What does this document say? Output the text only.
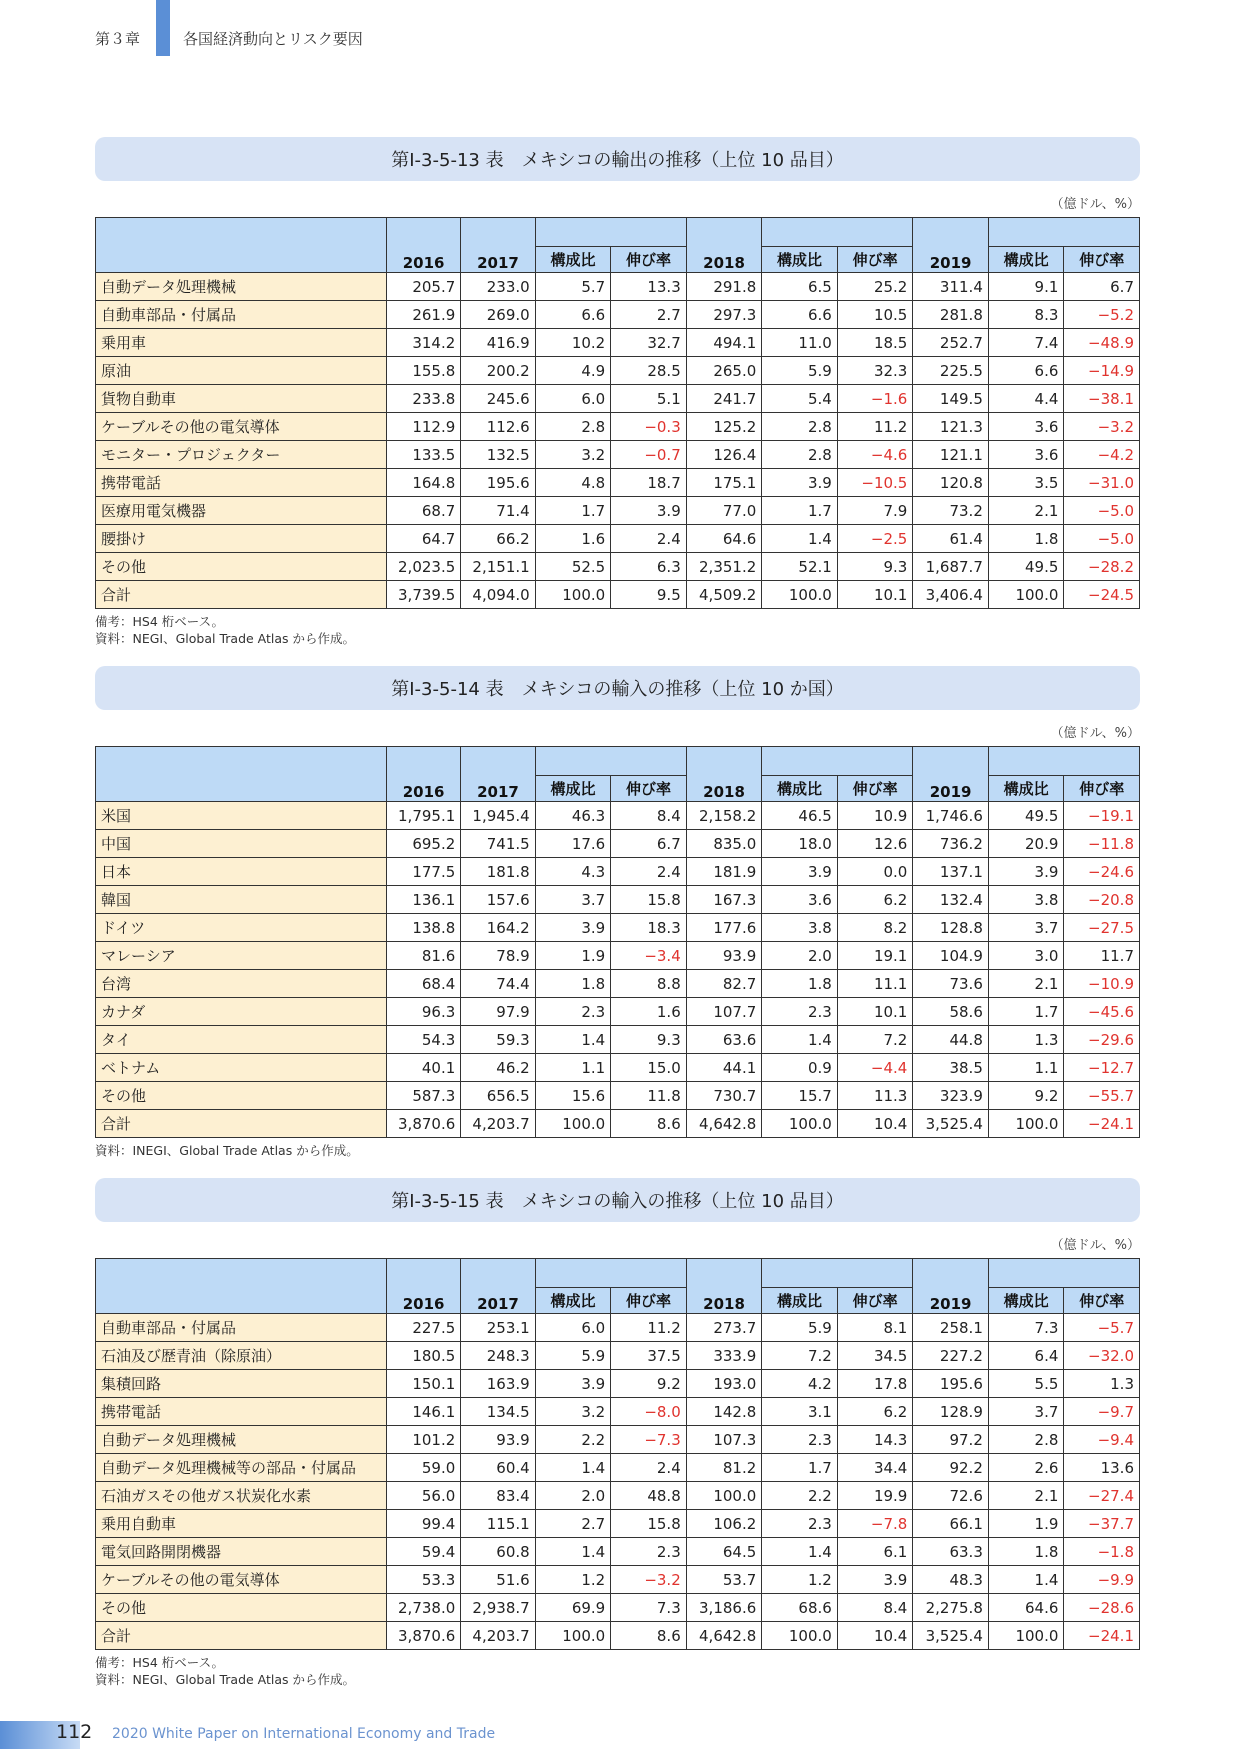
第３章	各国経済動向とリスク要因
第Ⅰ-3-5-13 表　メキシコの輸出の推移（上位 10 品目）
（億ドル、%）
	2016	2017			2018			2019		
			構成比	伸び率		構成比	伸び率		構成比	伸び率
自動データ処理機械	205.7	233.0	5.7	13.3	291.8	6.5	25.2	311.4	9.1	6.7
自動車部品・付属品	261.9	269.0	6.6	2.7	297.3	6.6	10.5	281.8	8.3	−5.2
乗用車	314.2	416.9	10.2	32.7	494.1	11.0	18.5	252.7	7.4	−48.9
原油	155.8	200.2	4.9	28.5	265.0	5.9	32.3	225.5	6.6	−14.9
貨物自動車	233.8	245.6	6.0	5.1	241.7	5.4	−1.6	149.5	4.4	−38.1
ケーブルその他の電気導体	112.9	112.6	2.8	−0.3	125.2	2.8	11.2	121.3	3.6	−3.2
モニター・プロジェクター	133.5	132.5	3.2	−0.7	126.4	2.8	−4.6	121.1	3.6	−4.2
携帯電話	164.8	195.6	4.8	18.7	175.1	3.9	−10.5	120.8	3.5	−31.0
医療用電気機器	68.7	71.4	1.7	3.9	77.0	1.7	7.9	73.2	2.1	−5.0
腰掛け	64.7	66.2	1.6	2.4	64.6	1.4	−2.5	61.4	1.8	−5.0
その他	2,023.5	2,151.1	52.5	6.3	2,351.2	52.1	9.3	1,687.7	49.5	−28.2
合計	3,739.5	4,094.0	100.0	9.5	4,509.2	100.0	10.1	3,406.4	100.0	−24.5
備考：HS4 桁ベース。
資料：NEGI、Global Trade Atlas から作成。
第Ⅰ-3-5-14 表　メキシコの輸入の推移（上位 10 か国）
（億ドル、%）
	2016	2017			2018			2019		
			構成比	伸び率		構成比	伸び率		構成比	伸び率
米国	1,795.1	1,945.4	46.3	8.4	2,158.2	46.5	10.9	1,746.6	49.5	−19.1
中国	695.2	741.5	17.6	6.7	835.0	18.0	12.6	736.2	20.9	−11.8
日本	177.5	181.8	4.3	2.4	181.9	3.9	0.0	137.1	3.9	−24.6
韓国	136.1	157.6	3.7	15.8	167.3	3.6	6.2	132.4	3.8	−20.8
ドイツ	138.8	164.2	3.9	18.3	177.6	3.8	8.2	128.8	3.7	−27.5
マレーシア	81.6	78.9	1.9	−3.4	93.9	2.0	19.1	104.9	3.0	11.7
台湾	68.4	74.4	1.8	8.8	82.7	1.8	11.1	73.6	2.1	−10.9
カナダ	96.3	97.9	2.3	1.6	107.7	2.3	10.1	58.6	1.7	−45.6
タイ	54.3	59.3	1.4	9.3	63.6	1.4	7.2	44.8	1.3	−29.6
ベトナム	40.1	46.2	1.1	15.0	44.1	0.9	−4.4	38.5	1.1	−12.7
その他	587.3	656.5	15.6	11.8	730.7	15.7	11.3	323.9	9.2	−55.7
合計	3,870.6	4,203.7	100.0	8.6	4,642.8	100.0	10.4	3,525.4	100.0	−24.1
資料：INEGI、Global Trade Atlas から作成。
第Ⅰ-3-5-15 表　メキシコの輸入の推移（上位 10 品目）
（億ドル、%）
	2016	2017			2018			2019		
			構成比	伸び率		構成比	伸び率		構成比	伸び率
自動車部品・付属品	227.5	253.1	6.0	11.2	273.7	5.9	8.1	258.1	7.3	−5.7
石油及び歴青油（除原油）	180.5	248.3	5.9	37.5	333.9	7.2	34.5	227.2	6.4	−32.0
集積回路	150.1	163.9	3.9	9.2	193.0	4.2	17.8	195.6	5.5	1.3
携帯電話	146.1	134.5	3.2	−8.0	142.8	3.1	6.2	128.9	3.7	−9.7
自動データ処理機械	101.2	93.9	2.2	−7.3	107.3	2.3	14.3	97.2	2.8	−9.4
自動データ処理機械等の部品・付属品	59.0	60.4	1.4	2.4	81.2	1.7	34.4	92.2	2.6	13.6
石油ガスその他ガス状炭化水素	56.0	83.4	2.0	48.8	100.0	2.2	19.9	72.6	2.1	−27.4
乗用自動車	99.4	115.1	2.7	15.8	106.2	2.3	−7.8	66.1	1.9	−37.7
電気回路開閉機器	59.4	60.8	1.4	2.3	64.5	1.4	6.1	63.3	1.8	−1.8
ケーブルその他の電気導体	53.3	51.6	1.2	−3.2	53.7	1.2	3.9	48.3	1.4	−9.9
その他	2,738.0	2,938.7	69.9	7.3	3,186.6	68.6	8.4	2,275.8	64.6	−28.6
合計	3,870.6	4,203.7	100.0	8.6	4,642.8	100.0	10.4	3,525.4	100.0	−24.1
備考：HS4 桁ベース。
資料：NEGI、Global Trade Atlas から作成。
112 2020 White Paper on International Economy and Trade
